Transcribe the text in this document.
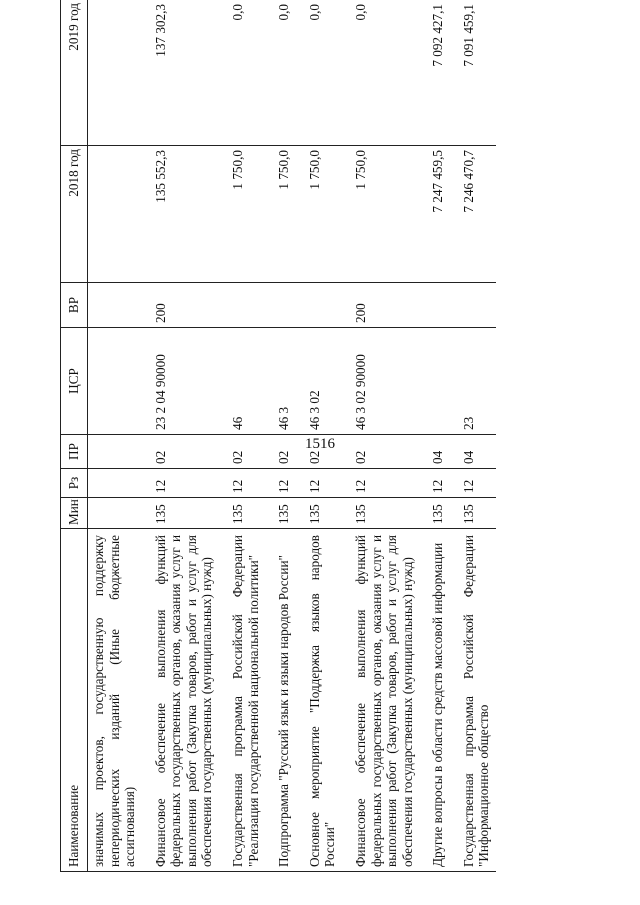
1516
Наименование	Мин	Рз	ПР	ЦСР	ВР	2018 год	2019 год
значимых проектов, государственную поддержку непериодических изданий (Иные бюджетные ассигнования)							

Финансовое обеспечение выполнения функций федеральных государственных органов, оказания услуг и выполнения работ (Закупка товаров, работ и услуг для обеспечения государственных (муниципальных) нужд)	135	12	02	23 2 04 90000	200	135 552,3	137 302,3

Государственная программа Российской Федерации "Реализация государственной национальной политики"	135	12	02	46		1 750,0	0,0

Подпрограмма "Русский язык и языки народов России"	135	12	02	46 3		1 750,0	0,0

Основное мероприятие "Поддержка языков народов России"	135	12	02	46 3 02		1 750,0	0,0

Финансовое обеспечение выполнения функций федеральных государственных органов, оказания услуг и выполнения работ (Закупка товаров, работ и услуг для обеспечения государственных (муниципальных) нужд)	135	12	02	46 3 02 90000	200	1 750,0	0,0

Другие вопросы в области средств массовой информации	135	12	04			7 247 459,5	7 092 427,1

Государственная программа Российской Федерации "Информационное общество	135	12	04	23		7 246 470,7	7 091 459,1
